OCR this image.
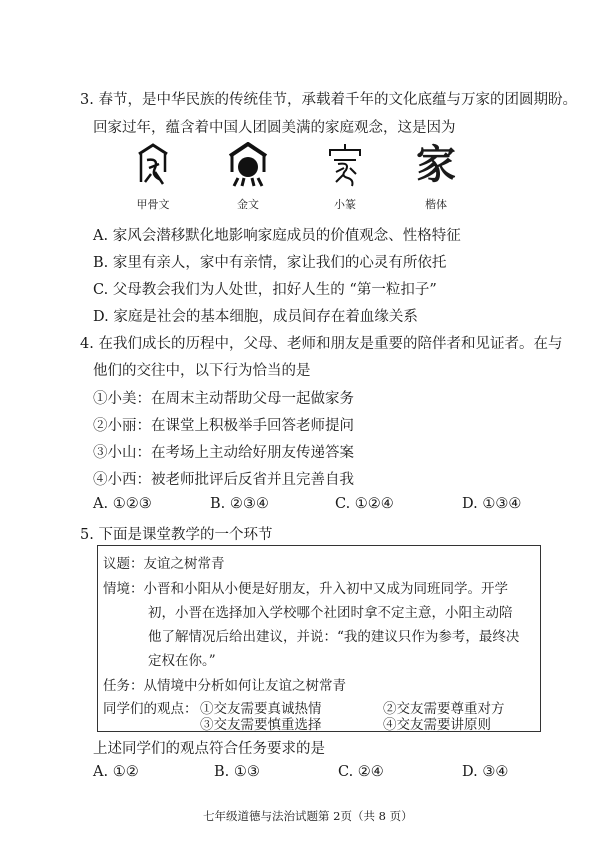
3. 春节，是中华民族的传统佳节，承载着千年的文化底蕴与万家的团圆期盼。
回家过年，蕴含着中国人团圆美满的家庭观念，这是因为
家
甲骨文	金文	小篆	楷体
A. 家风会潜移默化地影响家庭成员的价值观念、性格特征
B. 家里有亲人，家中有亲情，家让我们的心灵有所依托
C. 父母教会我们为人处世，扣好人生的 “第一粒扣子”
D. 家庭是社会的基本细胞，成员间存在着血缘关系
4. 在我们成长的历程中，父母、老师和朋友是重要的陪伴者和见证者。在与
他们的交往中，以下行为恰当的是
①小美：在周末主动帮助父母一起做家务
②小丽：在课堂上积极举手回答老师提问
③小山：在考场上主动给好朋友传递答案
④小西：被老师批评后反省并且完善自我
A. ①②③	B. ②③④	C. ①②④	D. ①③④
5. 下面是课堂教学的一个环节
议题：友谊之树常青
情境：小晋和小阳从小便是好朋友，升入初中又成为同班同学。开学
初，小晋在选择加入学校哪个社团时拿不定主意，小阳主动陪
他了解情况后给出建议，并说：“我的建议只作为参考，最终决
定权在你。”
任务：从情境中分析如何让友谊之树常青
同学们的观点： ①交友需要真诚热情	②交友需要尊重对方
③交友需要慎重选择	④交友需要讲原则
上述同学们的观点符合任务要求的是
A. ①②	B. ①③	C. ②④	D. ③④
七年级道德与法治试题第 2页（共 8 页）
